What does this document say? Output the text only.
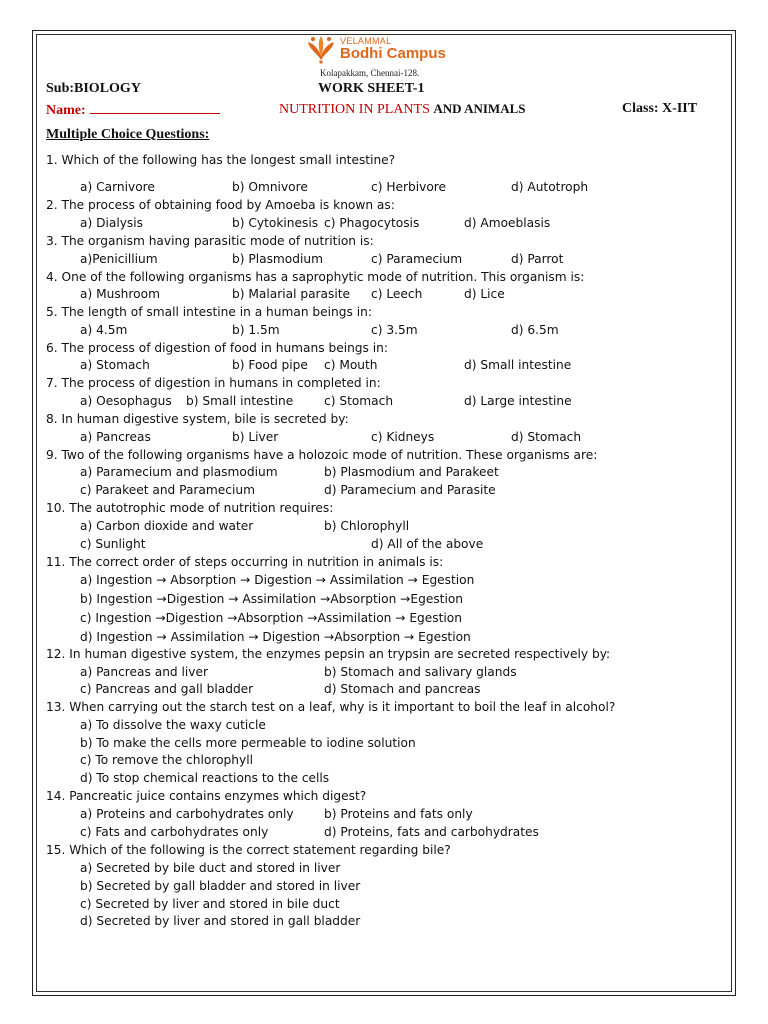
VELAMMAL
Bodhi Campus
Kolapakkam, Chennai-128.
Sub:BIOLOGY	WORK SHEET-1
Name:	NUTRITION IN PLANTS AND ANIMALS	Class: X-IIT
Multiple Choice Questions:
1. Which of the following has the longest small intestine?
a) Carnivore	b) Omnivore	c) Herbivore	d) Autotroph
2. The process of obtaining food by Amoeba is known as:
a) Dialysis	b) Cytokinesis c) Phagocytosis	d) Amoeblasis
3. The organism having parasitic mode of nutrition is:
a)Penicillium	b) Plasmodium	c) Paramecium	d) Parrot
4. One of the following organisms has a saprophytic mode of nutrition. This organism is:
a) Mushroom	b) Malarial parasite c) Leech	d) Lice
5. The length of small intestine in a human beings in:
a) 4.5m	b) 1.5m	c) 3.5m	d) 6.5m
6. The process of digestion of food in humans beings in:
a) Stomach	b) Food pipe c) Mouth	d) Small intestine
7. The process of digestion in humans in completed in:
a) Oesophagus b) Small intestine	c) Stomach	d) Large intestine
8. In human digestive system, bile is secreted by:
a) Pancreas	b) Liver	c) Kidneys	d) Stomach
9. Two of the following organisms have a holozoic mode of nutrition. These organisms are:
a) Paramecium and plasmodium	b) Plasmodium and Parakeet
c) Parakeet and Paramecium	d) Paramecium and Parasite
10. The autotrophic mode of nutrition requires:
a) Carbon dioxide and water	b) Chlorophyll
c) Sunlight	d) All of the above
11. The correct order of steps occurring in nutrition in animals is:
a) Ingestion → Absorption → Digestion → Assimilation → Egestion
b) Ingestion →Digestion → Assimilation →Absorption →Egestion
c) Ingestion →Digestion →Absorption →Assimilation → Egestion
d) Ingestion → Assimilation → Digestion →Absorption → Egestion
12. In human digestive system, the enzymes pepsin an trypsin are secreted respectively by:
a) Pancreas and liver	b) Stomach and salivary glands
c) Pancreas and gall bladder	d) Stomach and pancreas
13. When carrying out the starch test on a leaf, why is it important to boil the leaf in alcohol?
a) To dissolve the waxy cuticle
b) To make the cells more permeable to iodine solution
c) To remove the chlorophyll
d) To stop chemical reactions to the cells
14. Pancreatic juice contains enzymes which digest?
a) Proteins and carbohydrates only b) Proteins and fats only
c) Fats and carbohydrates only	d) Proteins, fats and carbohydrates
15. Which of the following is the correct statement regarding bile?
a) Secreted by bile duct and stored in liver
b) Secreted by gall bladder and stored in liver
c) Secreted by liver and stored in bile duct
d) Secreted by liver and stored in gall bladder
